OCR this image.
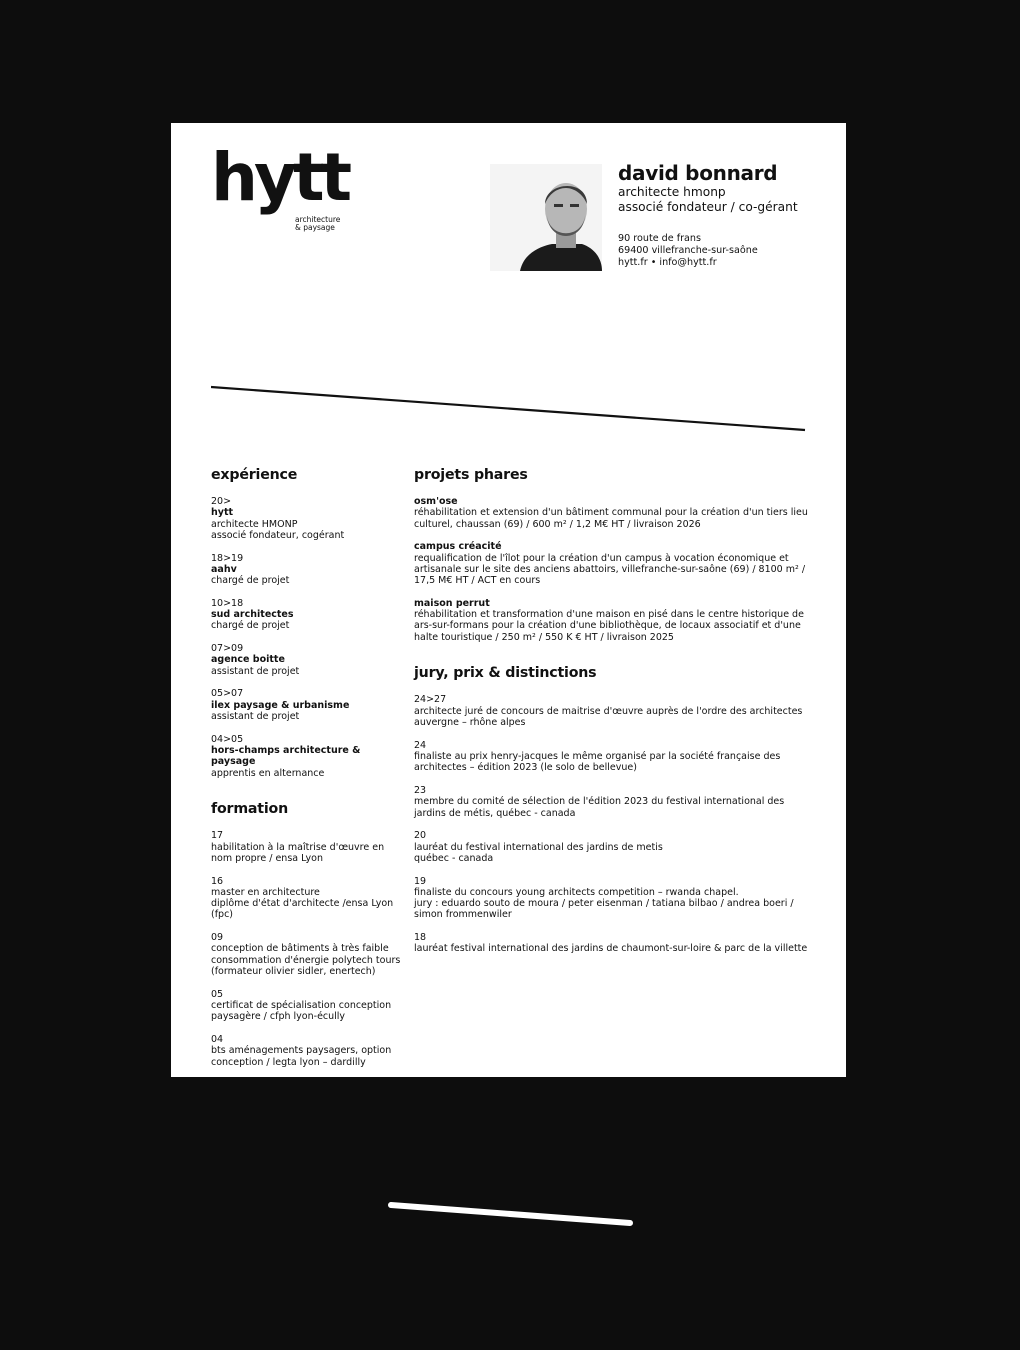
hytt
architecture
& paysage
david bonnard
architecte hmonp
associé fondateur / co-gérant
90 route de frans
69400 villefranche-sur-saône
hytt.fr • info@hytt.fr
expérience
20>
hytt
architecte HMONP
associé fondateur, cogérant
18>19
aahv
chargé de projet
10>18
sud architectes
chargé de projet
07>09
agence boitte
assistant de projet
05>07
ilex paysage & urbanisme
assistant de projet
04>05
hors-champs architecture & paysage
apprentis en alternance
formation
17
habilitation à la maîtrise d'œuvre en nom propre / ensa Lyon
16
master en architecture
diplôme d'état d'architecte /ensa Lyon (fpc)
09
conception de bâtiments à très faible consommation d'énergie polytech tours (formateur olivier sidler, enertech)
05
certificat de spécialisation conception paysagère / cfph lyon-écully
04
bts aménagements paysagers, option conception / legta lyon – dardilly
projets phares
osm'ose
réhabilitation et extension d'un bâtiment communal pour la création d'un tiers lieu culturel, chaussan (69) / 600 m² / 1,2 M€ HT / livraison 2026
campus créacité
requalification de l'îlot pour la création d'un campus à vocation économique et artisanale sur le site des anciens abattoirs, villefranche-sur-saône (69) / 8100 m² / 17,5 M€ HT / ACT en cours
maison perrut
réhabilitation et transformation d'une maison en pisé dans le centre historique de ars-sur-formans pour la création d'une bibliothèque, de locaux associatif et d'une halte touristique / 250 m² / 550 K € HT / livraison 2025
jury, prix & distinctions
24>27
architecte juré de concours de maitrise d'œuvre auprès de l'ordre des architectes auvergne – rhône alpes
24
finaliste au prix henry-jacques le même organisé par la société française des architectes – édition 2023 (le solo de bellevue)
23
membre du comité de sélection de l'édition 2023 du festival international des jardins de métis, québec - canada
20
lauréat du festival international des jardins de metis
québec - canada
19
finaliste du concours young architects competition – rwanda chapel.
jury : eduardo souto de moura / peter eisenman / tatiana bilbao / andrea boeri / simon frommenwiler
18
lauréat festival international des jardins de chaumont-sur-loire & parc de la villette
